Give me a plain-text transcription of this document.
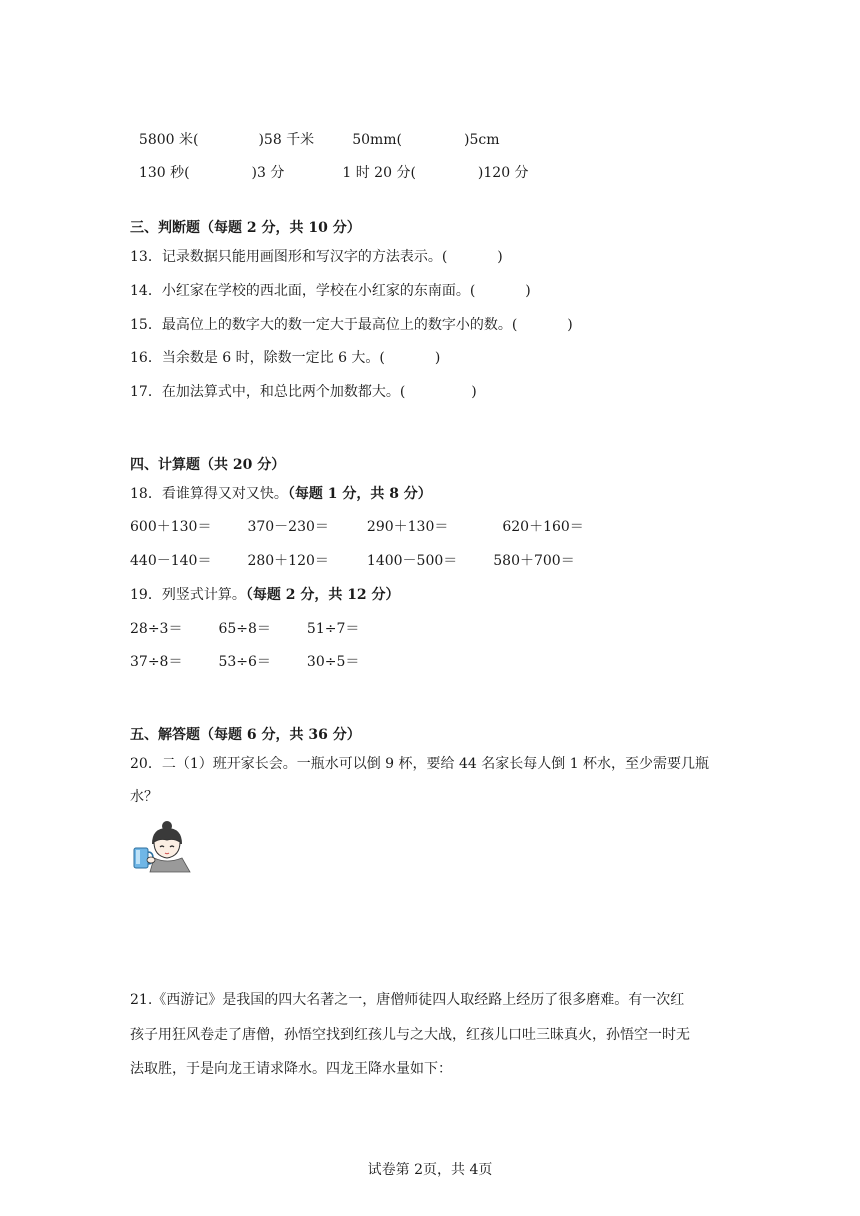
5800 米(	)58 千米	50mm(	)5cm

130 秒(	)3 分	1 时 20 分(	)120 分

三、判断题（每题 2 分，共 10 分）
13．记录数据只能用画图形和写汉字的方法表示。(	)
14．小红家在学校的西北面，学校在小红家的东南面。(	)
15．最高位上的数字大的数一定大于最高位上的数字小的数。(	)
16．当余数是 6 时，除数一定比 6 大。(	)
17．在加法算式中，和总比两个加数都大。(	)
四、计算题（共 20 分）
18．看谁算得又对又快。（每题 1 分，共 8 分）
600＋130＝	370－230＝	290＋130＝	620＋160＝
440－140＝	280＋120＝	1400－500＝	580＋700＝
19．列竖式计算。（每题 2 分，共 12 分）
28÷3＝	65÷8＝	51÷7＝
37÷8＝	53÷6＝	30÷5＝
五、解答题（每题 6 分，共 36 分）
20．二（1）班开家长会。一瓶水可以倒 9 杯，要给 44 名家长每人倒 1 杯水，至少需要几瓶
水？
21.《西游记》是我国的四大名著之一，唐僧师徒四人取经路上经历了很多磨难。有一次红
孩子用狂风卷走了唐僧，孙悟空找到红孩儿与之大战，红孩儿口吐三昧真火，孙悟空一时无
法取胜，于是向龙王请求降水。四龙王降水量如下：
试卷第 2页，共 4页
